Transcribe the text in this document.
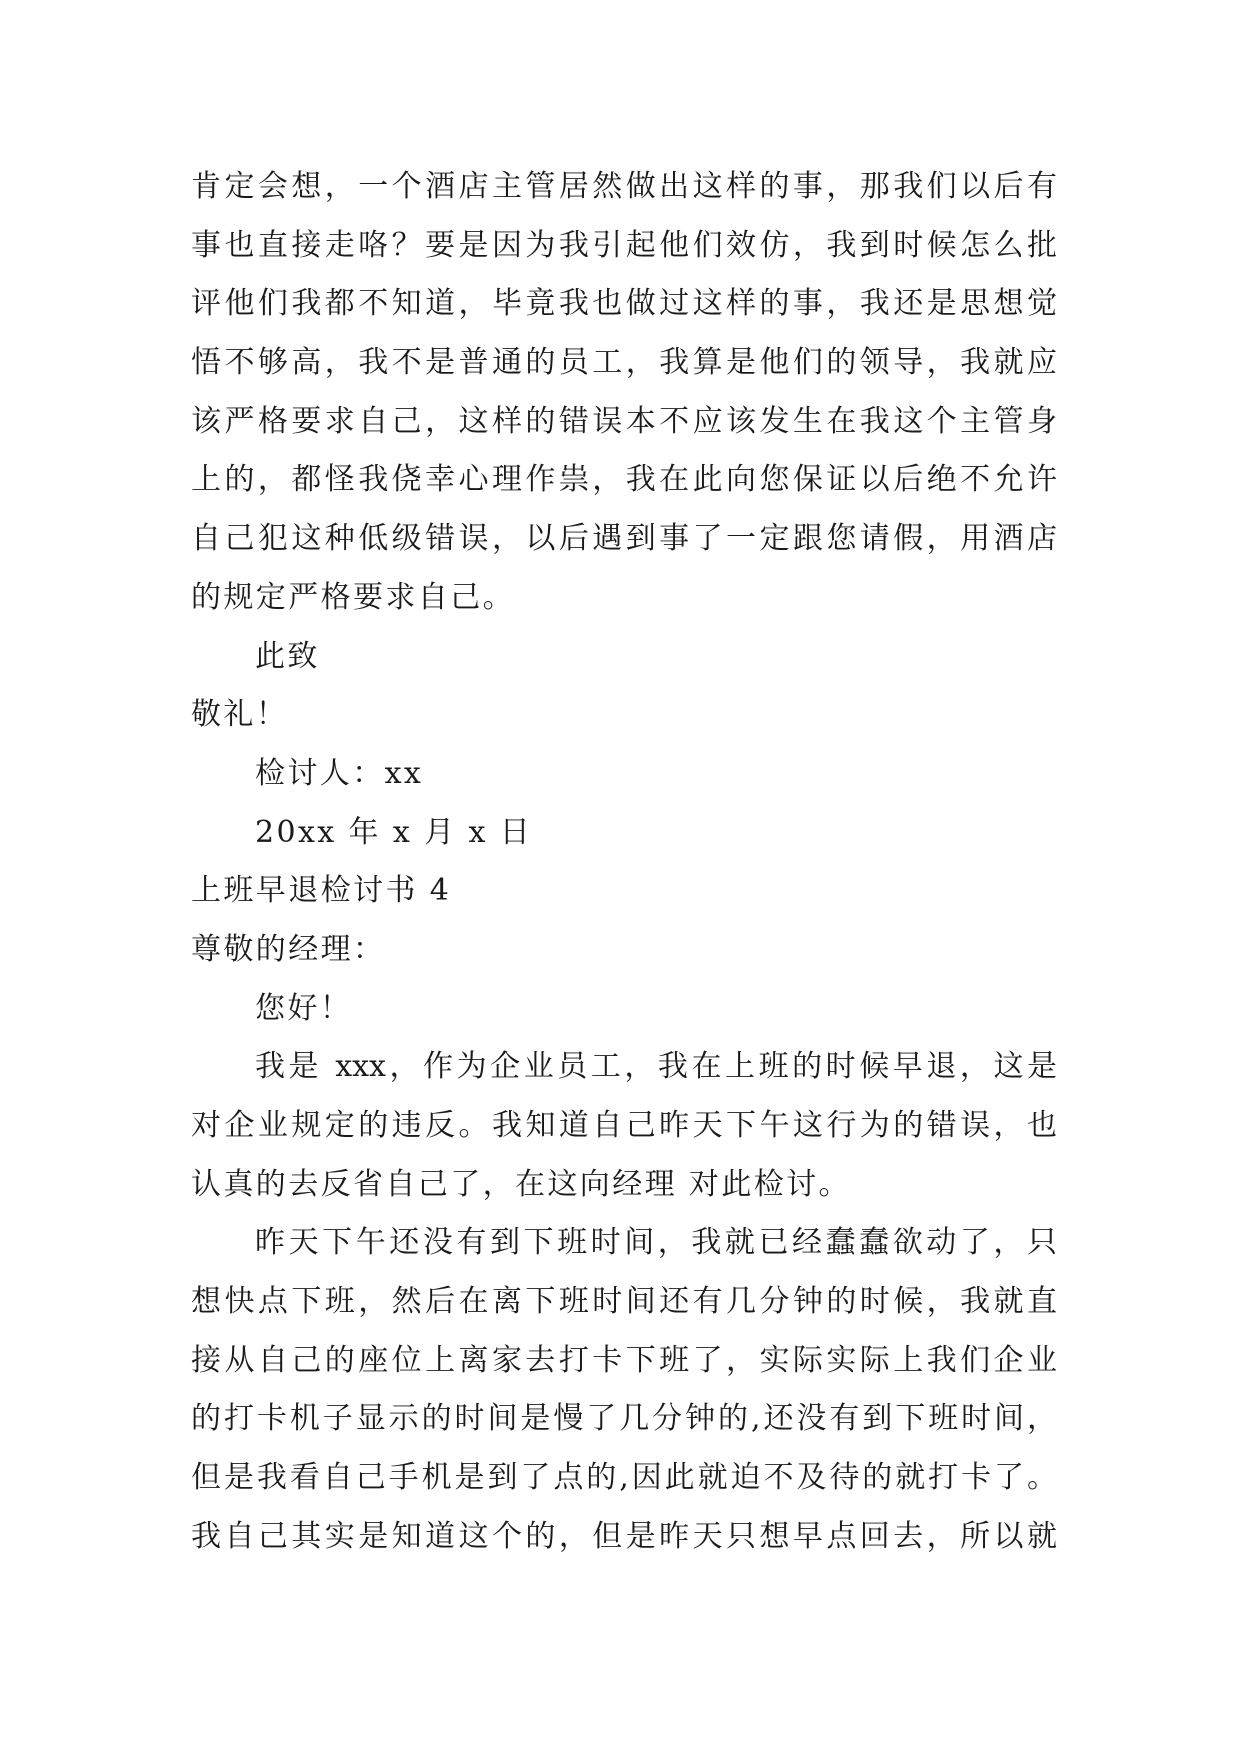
肯定会想，一个酒店主管居然做出这样的事，那我们以后有
事也直接走咯？要是因为我引起他们效仿，我到时候怎么批
评他们我都不知道，毕竟我也做过这样的事，我还是思想觉
悟不够高，我不是普通的员工，我算是他们的领导，我就应
该严格要求自己，这样的错误本不应该发生在我这个主管身
上的，都怪我侥幸心理作祟，我在此向您保证以后绝不允许
自己犯这种低级错误，以后遇到事了一定跟您请假，用酒店
的规定严格要求自己。
此致
敬礼！
检讨人：xx
20xx 年 x 月 x 日
上班早退检讨书 4
尊敬的经理：
您好！
我是 xxx，作为企业员工，我在上班的时候早退，这是
对企业规定的违反。我知道自己昨天下午这行为的错误，也
认真的去反省自己了，在这向经理 对此检讨。
昨天下午还没有到下班时间，我就已经蠢蠢欲动了，只
想快点下班，然后在离下班时间还有几分钟的时候，我就直
接从自己的座位上离家去打卡下班了，实际实际上我们企业
的打卡机子显示的时间是慢了几分钟的,还没有到下班时间，
但是我看自己手机是到了点的,因此就迫不及待的就打卡了。
我自己其实是知道这个的，但是昨天只想早点回去，所以就
